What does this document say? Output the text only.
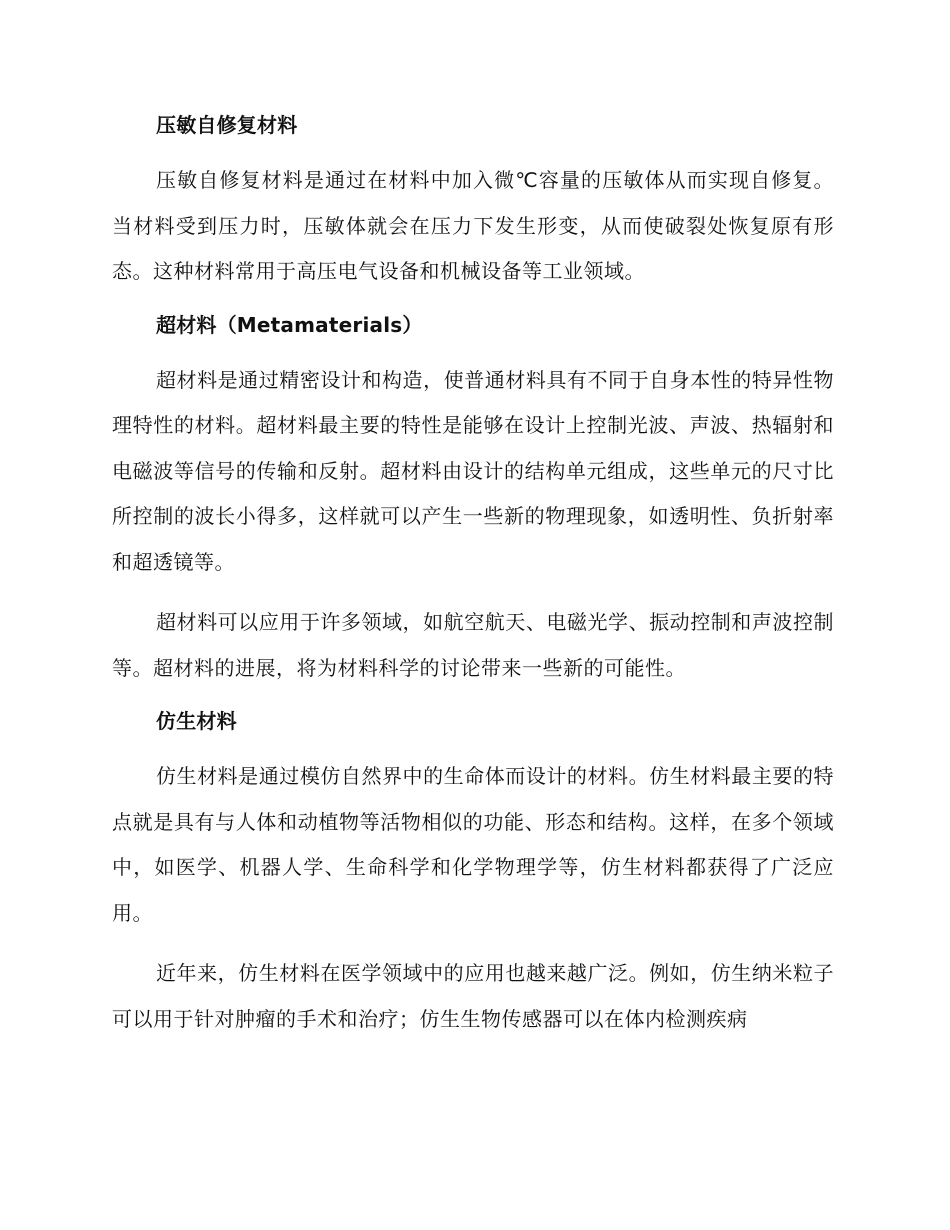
压敏自修复材料

压敏自修复材料是通过在材料中加入微℃容量的压敏体从而实现自修复。当材料受到压力时，压敏体就会在压力下发生形变，从而使破裂处恢复原有形态。这种材料常用于高压电气设备和机械设备等工业领域。

超材料（Metamaterials）

超材料是通过精密设计和构造，使普通材料具有不同于自身本性的特异性物理特性的材料。超材料最主要的特性是能够在设计上控制光波、声波、热辐射和电磁波等信号的传输和反射。超材料由设计的结构单元组成，这些单元的尺寸比所控制的波长小得多，这样就可以产生一些新的物理现象，如透明性、负折射率和超透镜等。

超材料可以应用于许多领域，如航空航天、电磁光学、振动控制和声波控制等。超材料的进展，将为材料科学的讨论带来一些新的可能性。

仿生材料

仿生材料是通过模仿自然界中的生命体而设计的材料。仿生材料最主要的特点就是具有与人体和动植物等活物相似的功能、形态和结构。这样，在多个领域中，如医学、机器人学、生命科学和化学物理学等，仿生材料都获得了广泛应用。

近年来，仿生材料在医学领域中的应用也越来越广泛。例如，仿生纳米粒子可以用于针对肿瘤的手术和治疗；仿生生物传感器可以在体内检测疾病
